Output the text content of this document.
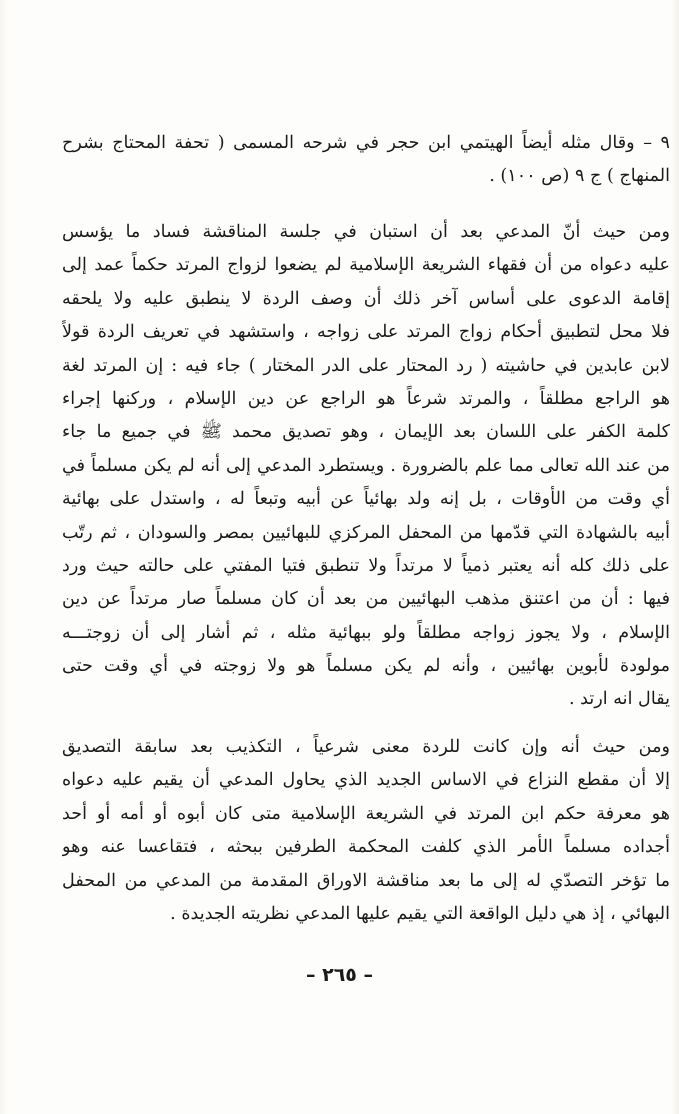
٩ – وقال مثله أيضاً الهيتمي ابن حجر في شرحه المسمى ( تحفة المحتاج بشرح
المنهاج ) ج ٩ (ص ١٠٠) .
ومن حيث أنّ المدعي بعد أن استبان في جلسة المناقشة فساد ما يؤسس
عليه دعواه من أن فقهاء الشريعة الإسلامية لم يضعوا لزواج المرتد حكماً عمد إلى
إقامة الدعوى على أساس آخر ذلك أن وصف الردة لا ينطبق عليه ولا يلحقه
فلا محل لتطبيق أحكام زواج المرتد على زواجه ، واستشهد في تعريف الردة قولاً
لابن عابدين في حاشيته ( رد المحتار على الدر المختار ) جاء فيه : إن المرتد لغة
هو الراجع مطلقاً ، والمرتد شرعاً هو الراجع عن دين الإسلام ، وركنها إجراء
كلمة الكفر على اللسان بعد الإيمان ، وهو تصديق محمد ﷺ في جميع ما جاء
من عند الله تعالى مما علم بالضرورة . ويستطرد المدعي إلى أنه لم يكن مسلماً في
أي وقت من الأوقات ، بل إنه ولد بهائياً عن أبيه وتبعاً له ، واستدل على بهائية
أبيه بالشهادة التي قدّمها من المحفل المركزي للبهائيين بمصر والسودان ، ثم رتّب
على ذلك كله أنه يعتبر ذمياً لا مرتداً ولا تنطبق فتيا المفتي على حالته حيث ورد
فيها : أن من اعتنق مذهب البهائيين من بعد أن كان مسلماً صار مرتداً عن دين
الإسلام ، ولا يجوز زواجه مطلقاً ولو ببهائية مثله ، ثم أشار إلى أن زوجتـــه
مولودة لأبوين بهائيين ، وأنه لم يكن مسلماً هو ولا زوجته في أي وقت حتى
يقال انه ارتد .
ومن حيث أنه وإن كانت للردة معنى شرعياً ، التكذيب بعد سابقة التصديق
إلا أن مقطع النزاع في الاساس الجديد الذي يحاول المدعي أن يقيم عليه دعواه
هو معرفة حكم ابن المرتد في الشريعة الإسلامية متى كان أبوه أو أمه أو أحد
أجداده مسلماً الأمر الذي كلفت المحكمة الطرفين ببحثه ، فتقاعسا عنه وهو
ما تؤخر التصدّي له إلى ما بعد مناقشة الاوراق المقدمة من المدعي من المحفل
البهائي ، إذ هي دليل الواقعة التي يقيم عليها المدعي نظريته الجديدة .
– ٢٦٥ –
